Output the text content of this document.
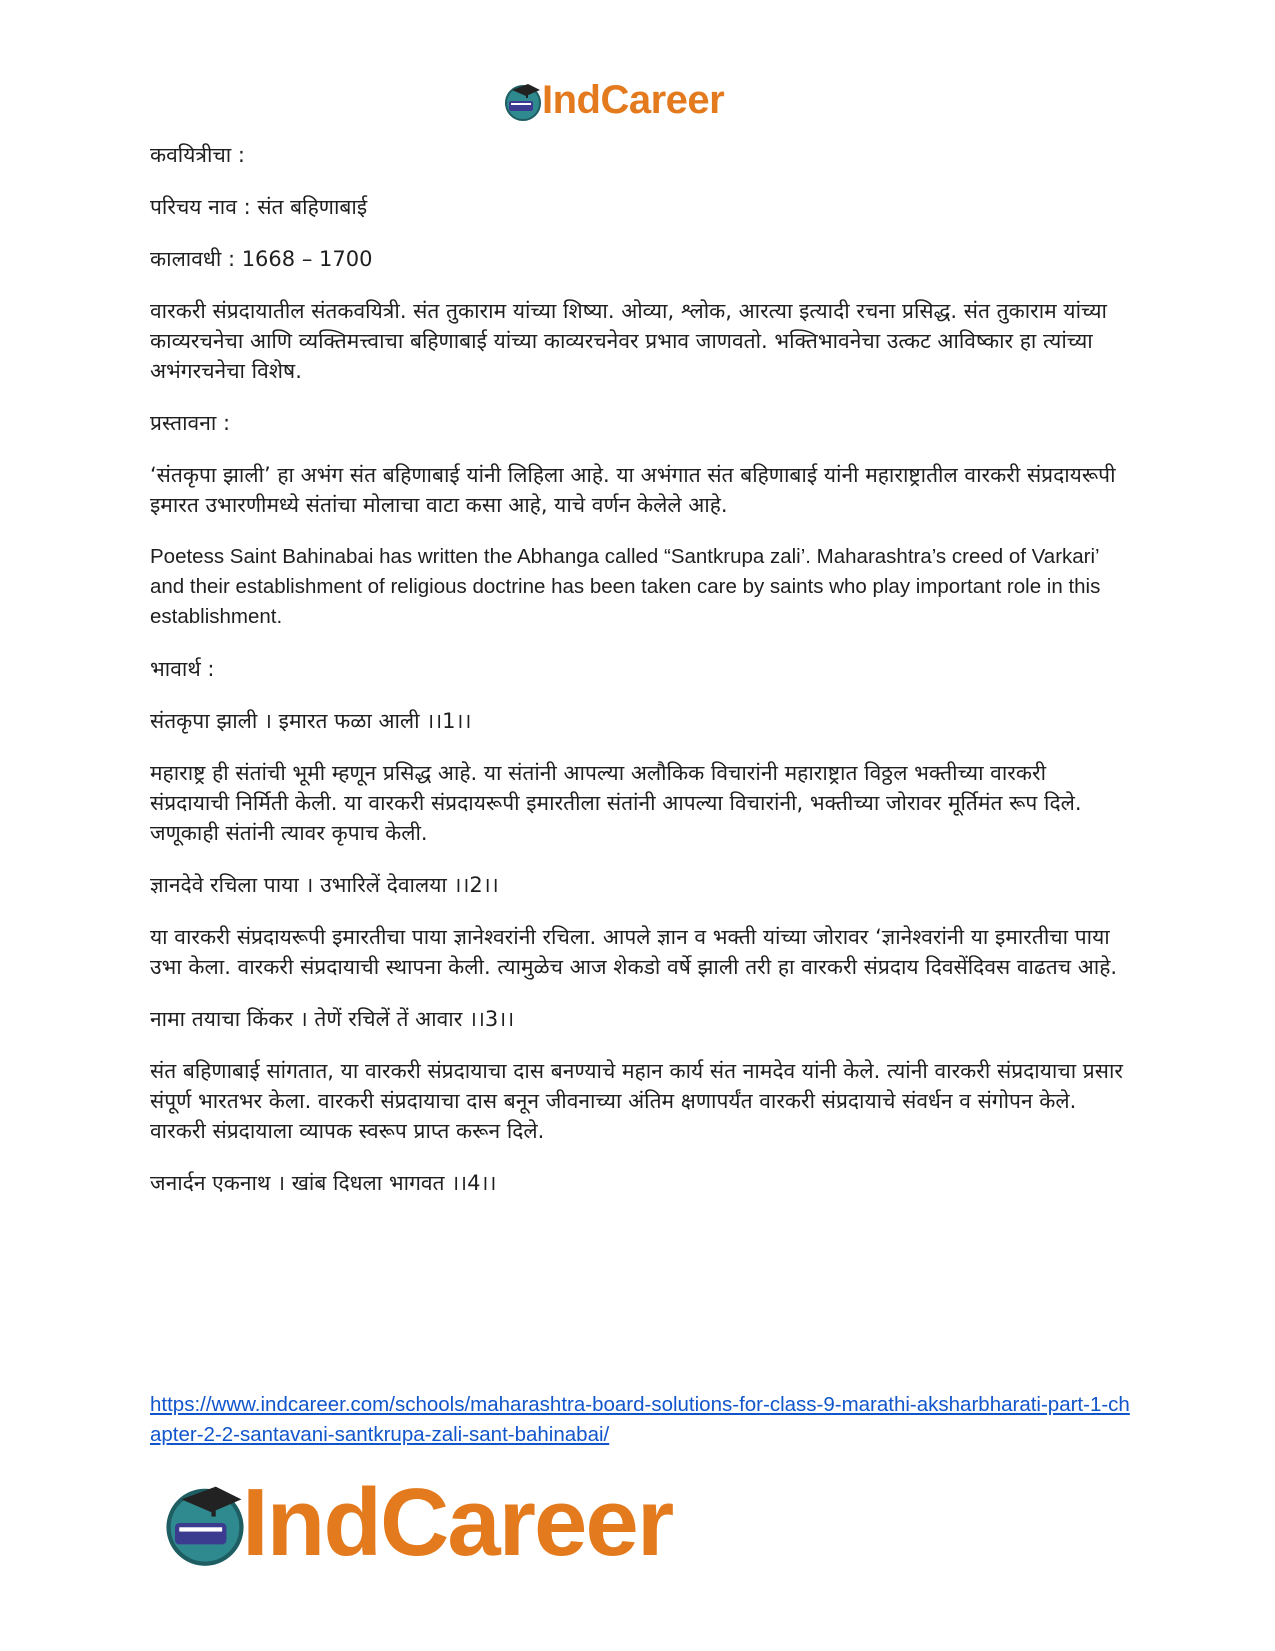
IndCareer

कवयित्रीचा :

परिचय नाव : संत बहिणाबाई

कालावधी : 1668 – 1700

वारकरी संप्रदायातील संतकवयित्री. संत तुकाराम यांच्या शिष्या. ओव्या, श्लोक, आरत्या इत्यादी रचना प्रसिद्ध. संत तुकाराम यांच्या काव्यरचनेचा आणि व्यक्तिमत्त्वाचा बहिणाबाई यांच्या काव्यरचनेवर प्रभाव जाणवतो. भक्तिभावनेचा उत्कट आविष्कार हा त्यांच्या अभंगरचनेचा विशेष.

प्रस्तावना :

‘संतकृपा झाली’ हा अभंग संत बहिणाबाई यांनी लिहिला आहे. या अभंगात संत बहिणाबाई यांनी महाराष्ट्रातील वारकरी संप्रदायरूपी इमारत उभारणीमध्ये संतांचा मोलाचा वाटा कसा आहे, याचे वर्णन केलेले आहे.

Poetess Saint Bahinabai has written the Abhanga called “Santkrupa zali’. Maharashtra’s creed of Varkari’ and their establishment of religious doctrine has been taken care by saints who play important role in this establishment.

भावार्थ :

संतकृपा झाली । इमारत फळा आली ।।1।।

महाराष्ट्र ही संतांची भूमी म्हणून प्रसिद्ध आहे. या संतांनी आपल्या अलौकिक विचारांनी महाराष्ट्रात विठ्ठल भक्तीच्या वारकरी संप्रदायाची निर्मिती केली. या वारकरी संप्रदायरूपी इमारतीला संतांनी आपल्या विचारांनी, भक्तीच्या जोरावर मूर्तिमंत रूप दिले. जणूकाही संतांनी त्यावर कृपाच केली.

ज्ञानदेवे रचिला पाया । उभारिलें देवालया ।।2।।

या वारकरी संप्रदायरूपी इमारतीचा पाया ज्ञानेश्वरांनी रचिला. आपले ज्ञान व भक्ती यांच्या जोरावर ‘ज्ञानेश्वरांनी या इमारतीचा पाया उभा केला. वारकरी संप्रदायाची स्थापना केली. त्यामुळेच आज शेकडो वर्षे झाली तरी हा वारकरी संप्रदाय दिवसेंदिवस वाढतच आहे.

नामा तयाचा किंकर । तेणें रचिलें तें आवार ।।3।।

संत बहिणाबाई सांगतात, या वारकरी संप्रदायाचा दास बनण्याचे महान कार्य संत नामदेव यांनी केले. त्यांनी वारकरी संप्रदायाचा प्रसार संपूर्ण भारतभर केला. वारकरी संप्रदायाचा दास बनून जीवनाच्या अंतिम क्षणापर्यंत वारकरी संप्रदायाचे संवर्धन व संगोपन केले. वारकरी संप्रदायाला व्यापक स्वरूप प्राप्त करून दिले.

जनार्दन एकनाथ । खांब दिधला भागवत ।।4।।

https://www.indcareer.com/schools/maharashtra-board-solutions-for-class-9-marathi-aksharbharati-part-1-chapter-2-2-santavani-santkrupa-zali-sant-bahinabai/
IndCareer
